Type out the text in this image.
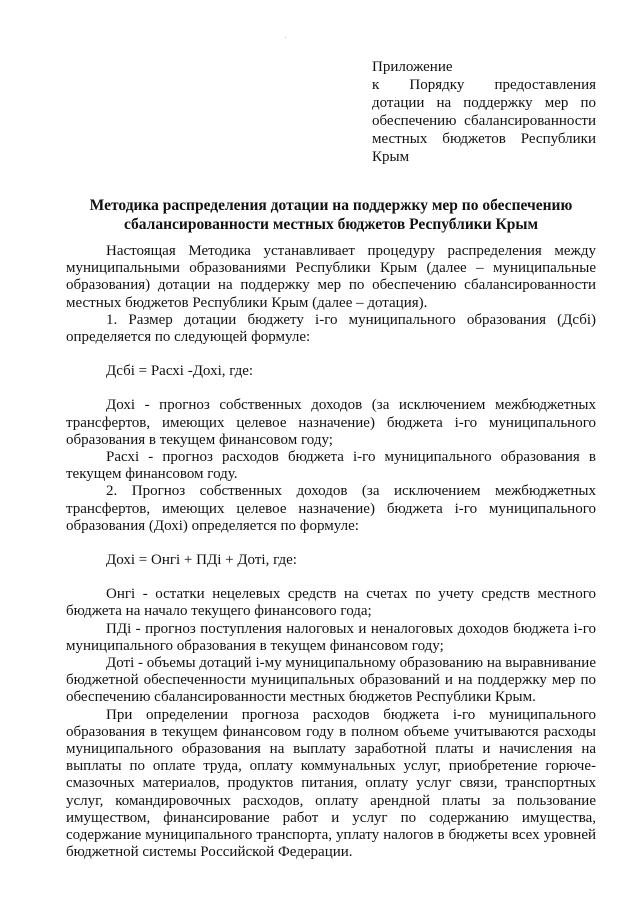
Приложение
к Порядку предоставления
дотации на поддержку мер по
обеспечению сбалансированности
местных бюджетов Республики
Крым
Методика распределения дотации на поддержку мер по обеспечению
сбалансированности местных бюджетов Республики Крым

Настоящая Методика устанавливает процедуру распределения между муниципальными образованиями Республики Крым (далее – муниципальные образования) дотации на поддержку мер по обеспечению сбалансированности местных бюджетов Республики Крым (далее – дотация).

1. Размер дотации бюджету i-го муниципального образования (Дсбi) определяется по следующей формуле:

Дсбi = Расхi -Дохi, где:

Дохi - прогноз собственных доходов (за исключением межбюджетных трансфертов, имеющих целевое назначение) бюджета i-го муниципального образования в текущем финансовом году;

Расхi - прогноз расходов бюджета i-го муниципального образования в текущем финансовом году.

2. Прогноз собственных доходов (за исключением межбюджетных трансфертов, имеющих целевое назначение) бюджета i-го муниципального образования (Дохi) определяется по формуле:

Дохi = Онгi + ПДi + Дотi, где:

Онгi - остатки нецелевых средств на счетах по учету средств местного бюджета на начало текущего финансового года;

ПДi - прогноз поступления налоговых и неналоговых доходов бюджета i-го муниципального образования в текущем финансовом году;

Дотi - объемы дотаций i-му муниципальному образованию на выравнивание бюджетной обеспеченности муниципальных образований и на поддержку мер по обеспечению сбалансированности местных бюджетов Республики Крым.

При определении прогноза расходов бюджета i-го муниципального образования в текущем финансовом году в полном объеме учитываются расходы муниципального образования на выплату заработной платы и начисления на выплаты по оплате труда, оплату коммунальных услуг, приобретение горюче-смазочных материалов, продуктов питания, оплату услуг связи, транспортных услуг, командировочных расходов, оплату арендной платы за пользование имуществом, финансирование работ и услуг по содержанию имущества, содержание муниципального транспорта, уплату налогов в бюджеты всех уровней бюджетной системы Российской Федерации.
